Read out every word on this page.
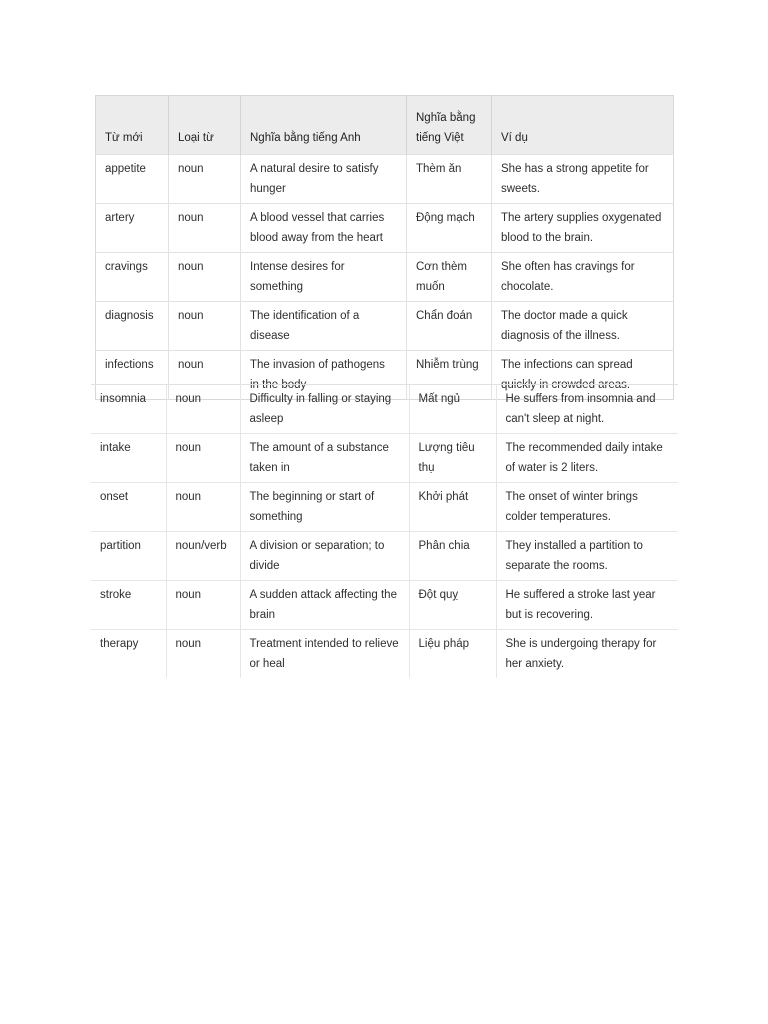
Từ mới	Loại từ	Nghĩa bằng tiếng Anh	Nghĩa bằng tiếng Việt	Ví dụ
appetite	noun	A natural desire to satisfy hunger	Thèm ăn	She has a strong appetite for sweets.
artery	noun	A blood vessel that carries blood away from the heart	Động mạch	The artery supplies oxygenated blood to the brain.
cravings	noun	Intense desires for something	Cơn thèm muốn	She often has cravings for chocolate.
diagnosis	noun	The identification of a disease	Chẩn đoán	The doctor made a quick diagnosis of the illness.
infections	noun	The invasion of pathogens in the body	Nhiễm trùng	The infections can spread quickly in crowded areas.
insomnia	noun	Difficulty in falling or staying asleep	Mất ngủ	He suffers from insomnia and can't sleep at night.
intake	noun	The amount of a substance taken in	Lượng tiêu thụ	The recommended daily intake of water is 2 liters.
onset	noun	The beginning or start of something	Khởi phát	The onset of winter brings colder temperatures.
partition	noun/verb	A division or separation; to divide	Phân chia	They installed a partition to separate the rooms.
stroke	noun	A sudden attack affecting the brain	Đột quỵ	He suffered a stroke last year but is recovering.
therapy	noun	Treatment intended to relieve or heal	Liệu pháp	She is undergoing therapy for her anxiety.
